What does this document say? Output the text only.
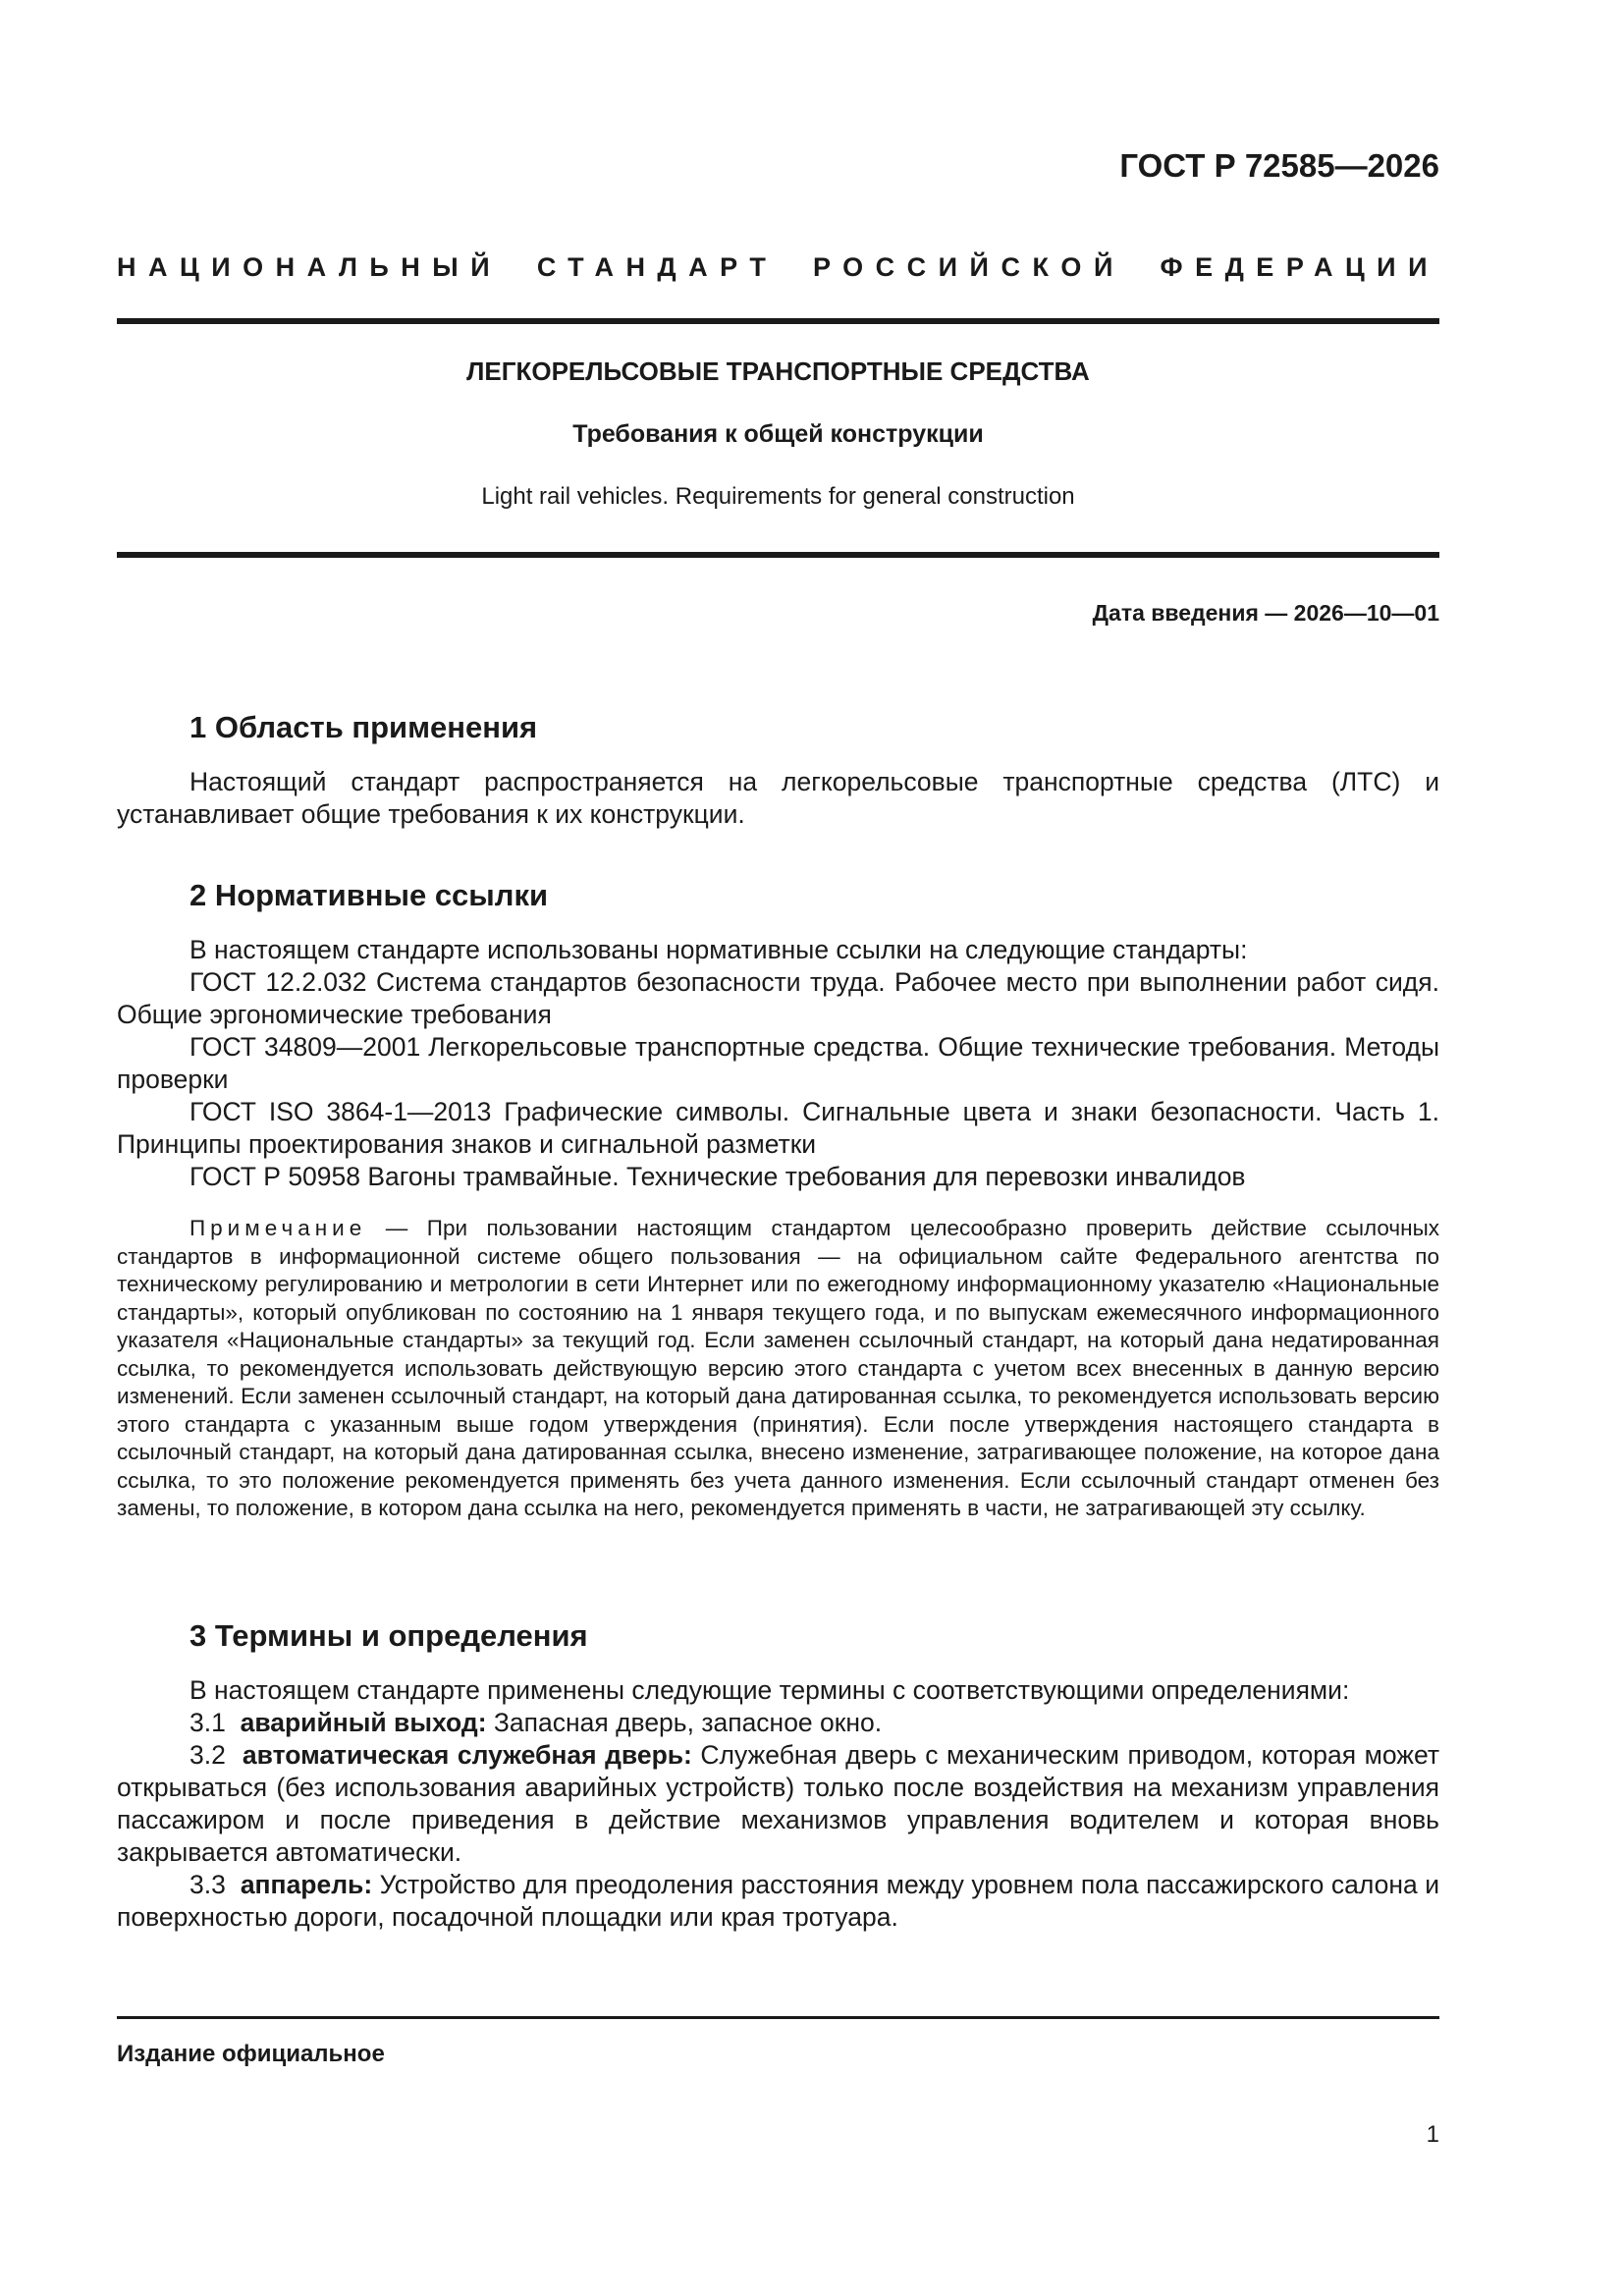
ГОСТ Р 72585—2026
НАЦИОНАЛЬНЫЙ СТАНДАРТ РОССИЙСКОЙ ФЕДЕРАЦИИ
ЛЕГКОРЕЛЬСОВЫЕ ТРАНСПОРТНЫЕ СРЕДСТВА
Требования к общей конструкции
Light rail vehicles. Requirements for general construction
Дата введения — 2026—10—01
1 Область применения

Настоящий стандарт распространяется на легкорельсовые транспортные средства (ЛТС) и устанавливает общие требования к их конструкции.

2 Нормативные ссылки

В настоящем стандарте использованы нормативные ссылки на следующие стандарты:

ГОСТ 12.2.032 Система стандартов безопасности труда. Рабочее место при выполнении работ сидя. Общие эргономические требования

ГОСТ 34809—2001 Легкорельсовые транспортные средства. Общие технические требования. Методы проверки

ГОСТ ISO 3864-1—2013 Графические символы. Сигнальные цвета и знаки безопасности. Часть 1. Принципы проектирования знаков и сигнальной разметки

ГОСТ Р 50958 Вагоны трамвайные. Технические требования для перевозки инвалидов

Примечание — При пользовании настоящим стандартом целесообразно проверить действие ссылочных стандартов в информационной системе общего пользования — на официальном сайте Федерального агентства по техническому регулированию и метрологии в сети Интернет или по ежегодному информационному указателю «Национальные стандарты», который опубликован по состоянию на 1 января текущего года, и по выпускам ежемесячного информационного указателя «Национальные стандарты» за текущий год. Если заменен ссылочный стандарт, на который дана недатированная ссылка, то рекомендуется использовать действующую версию этого стандарта с учетом всех внесенных в данную версию изменений. Если заменен ссылочный стандарт, на который дана датированная ссылка, то рекомендуется использовать версию этого стандарта с указанным выше годом утверждения (принятия). Если после утверждения настоящего стандарта в ссылочный стандарт, на который дана датированная ссылка, внесено изменение, затрагивающее положение, на которое дана ссылка, то это положение рекомендуется применять без учета данного изменения. Если ссылочный стандарт отменен без замены, то положение, в котором дана ссылка на него, рекомендуется применять в части, не затрагивающей эту ссылку.

3 Термины и определения

В настоящем стандарте применены следующие термины с соответствующими определениями:

3.1 аварийный выход: Запасная дверь, запасное окно.

3.2 автоматическая служебная дверь: Служебная дверь с механическим приводом, которая может открываться (без использования аварийных устройств) только после воздействия на механизм управления пассажиром и после приведения в действие механизмов управления водителем и которая вновь закрывается автоматически.

3.3 аппарель: Устройство для преодоления расстояния между уровнем пола пассажирского салона и поверхностью дороги, посадочной площадки или края тротуара.

Издание официальное
1
